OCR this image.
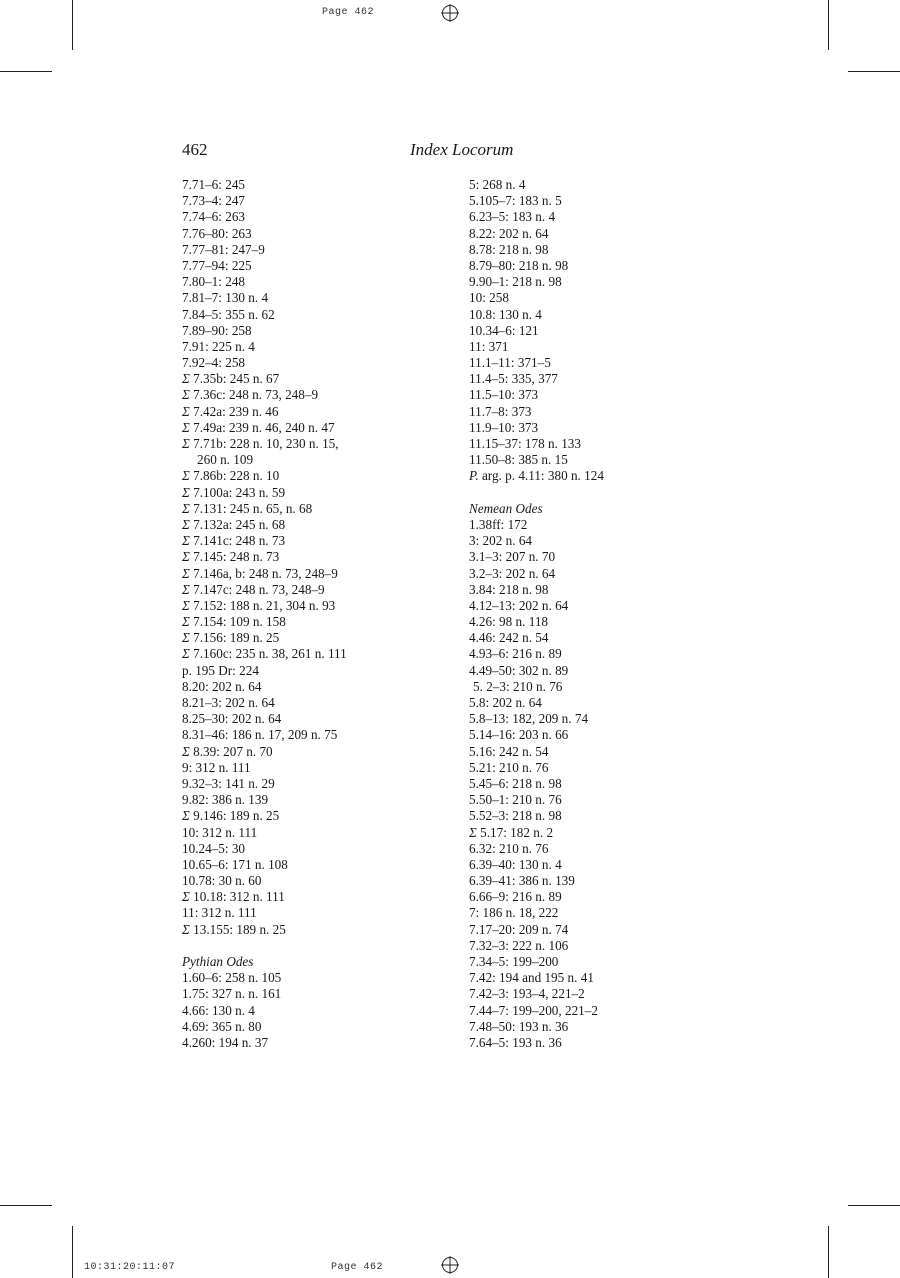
Page 462
10:31:20:11:07	Page 462
462	Index Locorum
7.71–6: 245
7.73–4: 247
7.74–6: 263
7.76–80: 263
7.77–81: 247–9
7.77–94: 225
7.80–1: 248
7.81–7: 130 n. 4
7.84–5: 355 n. 62
7.89–90: 258
7.91: 225 n. 4
7.92–4: 258
Σ 7.35b: 245 n. 67
Σ 7.36c: 248 n. 73, 248–9
Σ 7.42a: 239 n. 46
Σ 7.49a: 239 n. 46, 240 n. 47
Σ 7.71b: 228 n. 10, 230 n. 15,
260 n. 109
Σ 7.86b: 228 n. 10
Σ 7.100a: 243 n. 59
Σ 7.131: 245 n. 65, n. 68
Σ 7.132a: 245 n. 68
Σ 7.141c: 248 n. 73
Σ 7.145: 248 n. 73
Σ 7.146a, b: 248 n. 73, 248–9
Σ 7.147c: 248 n. 73, 248–9
Σ 7.152: 188 n. 21, 304 n. 93
Σ 7.154: 109 n. 158
Σ 7.156: 189 n. 25
Σ 7.160c: 235 n. 38, 261 n. 111
p. 195 Dr: 224
8.20: 202 n. 64
8.21–3: 202 n. 64
8.25–30: 202 n. 64
8.31–46: 186 n. 17, 209 n. 75
Σ 8.39: 207 n. 70
9: 312 n. 111
9.32–3: 141 n. 29
9.82: 386 n. 139
Σ 9.146: 189 n. 25
10: 312 n. 111
10.24–5: 30
10.65–6: 171 n. 108
10.78: 30 n. 60
Σ 10.18: 312 n. 111
11: 312 n. 111
Σ 13.155: 189 n. 25
Pythian Odes
1.60–6: 258 n. 105
1.75: 327 n. n. 161
4.66: 130 n. 4
4.69: 365 n. 80
4.260: 194 n. 37
5: 268 n. 4
5.105–7: 183 n. 5
6.23–5: 183 n. 4
8.22: 202 n. 64
8.78: 218 n. 98
8.79–80: 218 n. 98
9.90–1: 218 n. 98
10: 258
10.8: 130 n. 4
10.34–6: 121
11: 371
11.1–11: 371–5
11.4–5: 335, 377
11.5–10: 373
11.7–8: 373
11.9–10: 373
11.15–37: 178 n. 133
11.50–8: 385 n. 15
P. arg. p. 4.11: 380 n. 124
Nemean Odes
1.38ff: 172
3: 202 n. 64
3.1–3: 207 n. 70
3.2–3: 202 n. 64
3.84: 218 n. 98
4.12–13: 202 n. 64
4.26: 98 n. 118
4.46: 242 n. 54
4.93–6: 216 n. 89
4.49–50: 302 n. 89
5. 2–3: 210 n. 76
5.8: 202 n. 64
5.8–13: 182, 209 n. 74
5.14–16: 203 n. 66
5.16: 242 n. 54
5.21: 210 n. 76
5.45–6: 218 n. 98
5.50–1: 210 n. 76
5.52–3: 218 n. 98
Σ 5.17: 182 n. 2
6.32: 210 n. 76
6.39–40: 130 n. 4
6.39–41: 386 n. 139
6.66–9: 216 n. 89
7: 186 n. 18, 222
7.17–20: 209 n. 74
7.32–3: 222 n. 106
7.34–5: 199–200
7.42: 194 and 195 n. 41
7.42–3: 193–4, 221–2
7.44–7: 199–200, 221–2
7.48–50: 193 n. 36
7.64–5: 193 n. 36
